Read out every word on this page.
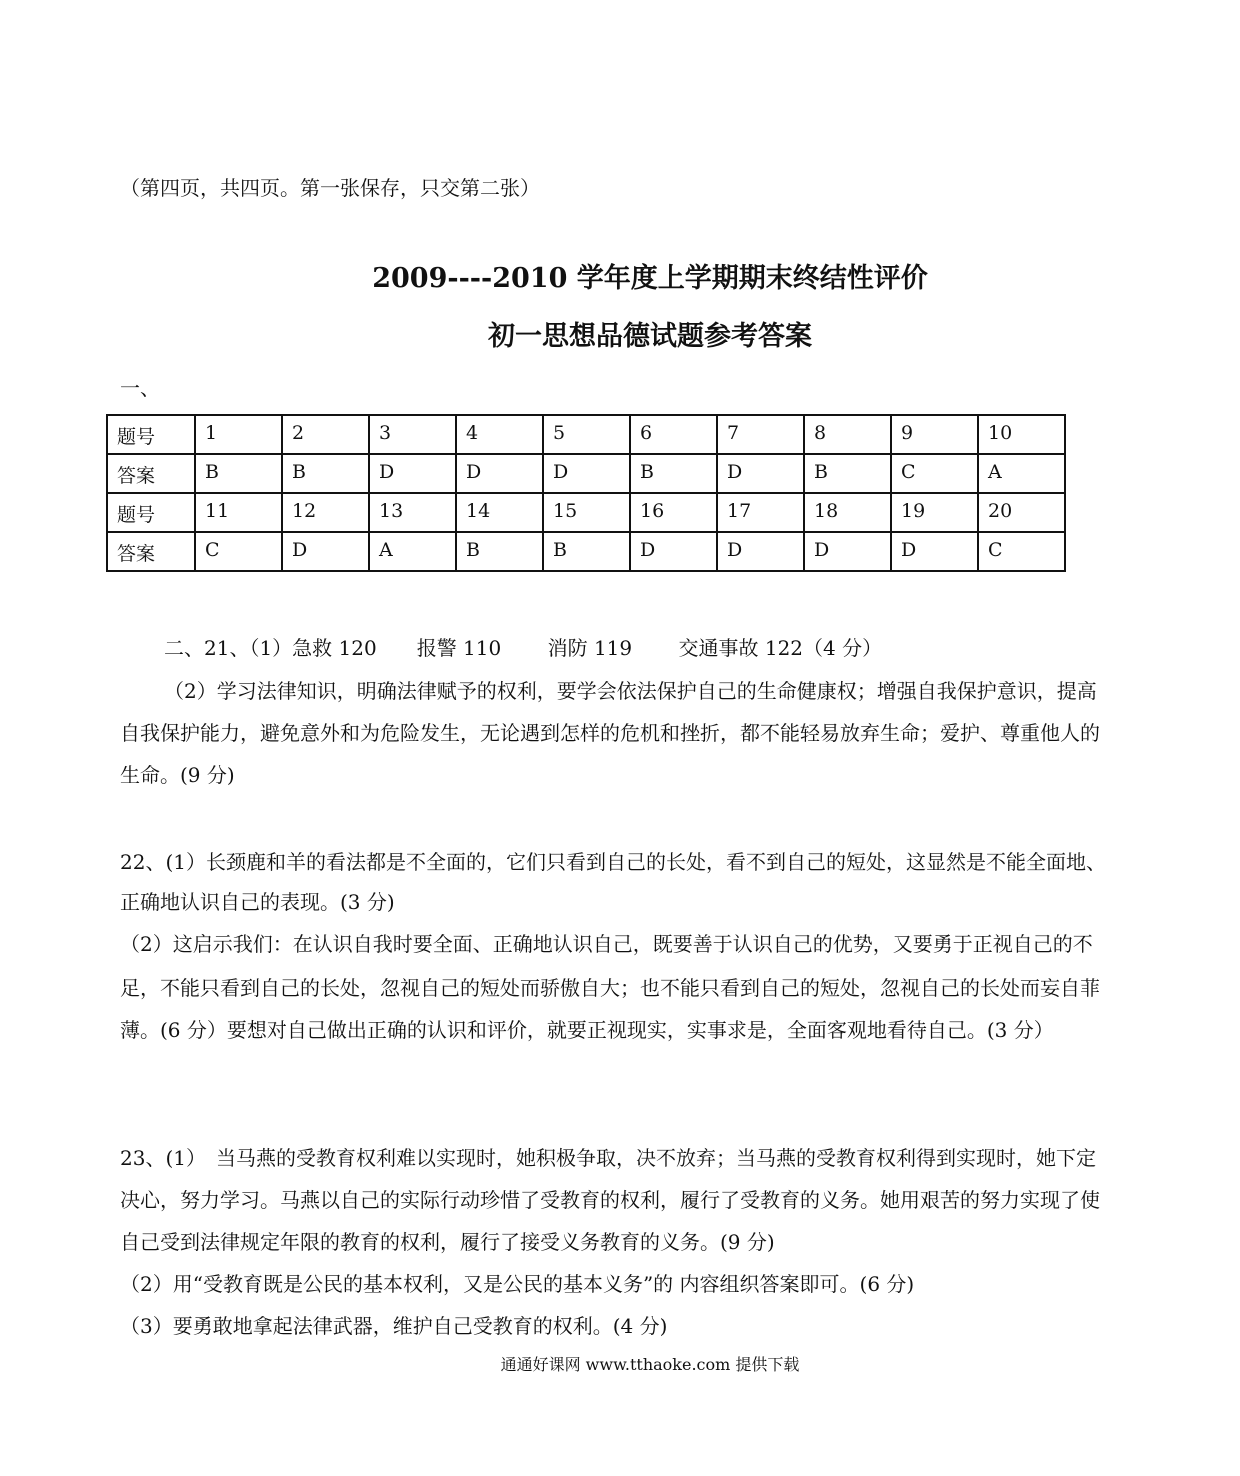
（第四页，共四页。第一张保存，只交第二张）
2009----2010 学年度上学期期末终结性评价
初一思想品德试题参考答案
一、
题号	1	2	3	4	5	6	7	8	9	10
答案	B	B	D	D	D	B	D	B	C	A
题号	11	12	13	14	15	16	17	18	19	20
答案	C	D	A	B	B	D	D	D	D	C
二、21、（1）急救 120　　报警 110　　 消防 119　　 交通事故 122（4 分）
（2）学习法律知识，明确法律赋予的权利，要学会依法保护自己的生命健康权；增强自我保护意识，提高
自我保护能力，避免意外和为危险发生，无论遇到怎样的危机和挫折，都不能轻易放弃生命；爱护、尊重他人的
生命。(9 分)
22、(1）长颈鹿和羊的看法都是不全面的，它们只看到自己的长处，看不到自己的短处，这显然是不能全面地、
正确地认识自己的表现。(3 分)
（2）这启示我们：在认识自我时要全面、正确地认识自己，既要善于认识自己的优势，又要勇于正视自己的不
足，不能只看到自己的长处，忽视自己的短处而骄傲自大；也不能只看到自己的短处，忽视自己的长处而妄自菲
薄。(6 分）要想对自己做出正确的认识和评价，就要正视现实，实事求是，全面客观地看待自己。(3 分）
23、(1）　当马燕的受教育权利难以实现时，她积极争取，决不放弃；当马燕的受教育权利得到实现时，她下定
决心，努力学习。马燕以自己的实际行动珍惜了受教育的权利，履行了受教育的义务。她用艰苦的努力实现了使
自己受到法律规定年限的教育的权利，履行了接受义务教育的义务。(9 分)
（2）用“受教育既是公民的基本权利，又是公民的基本义务”的 内容组织答案即可。(6 分)
（3）要勇敢地拿起法律武器，维护自己受教育的权利。(4 分)
通通好课网 www.tthaoke.com 提供下载
